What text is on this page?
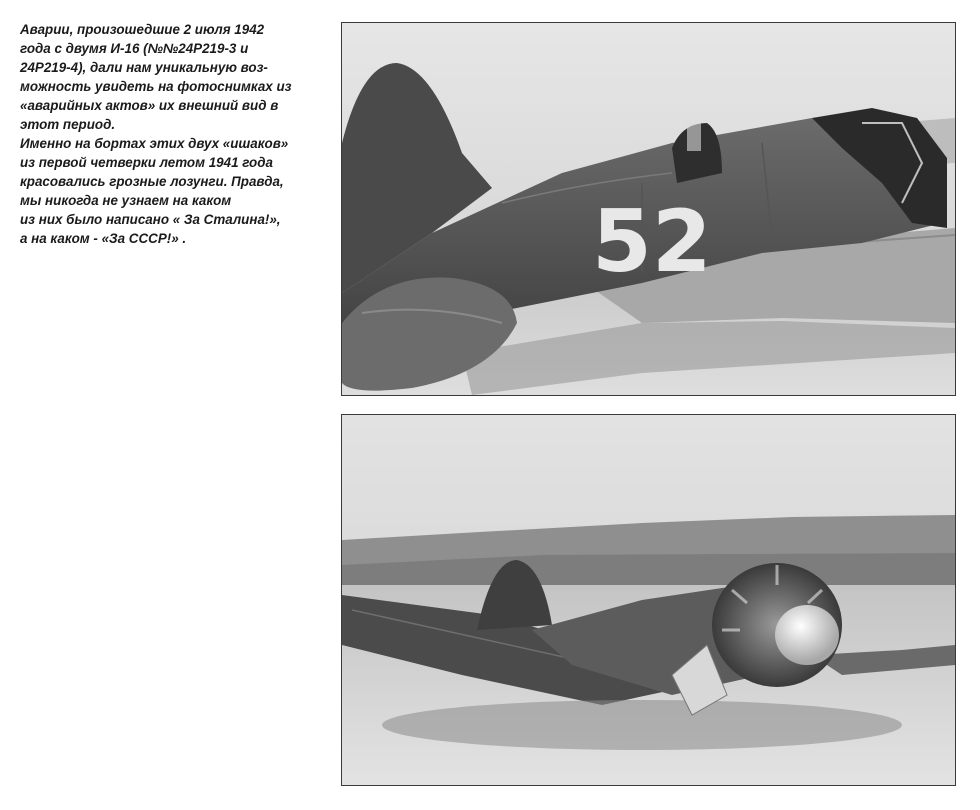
Аварии, произошедшие 2 июля 1942
года с двумя И-16 (№№24Р219-3 и
24Р219-4), дали нам уникальную воз-
можность увидеть на фотоснимках из
«аварийных актов» их внешний вид в
этот период.
Именно на бортах этих двух «ишаков»
из первой четверки летом 1941 года
красовались грозные лозунги. Правда,
мы никогда не узнаем на каком
из них было написано « За Сталина!»,
а на каком - «За СССР!» .	52
